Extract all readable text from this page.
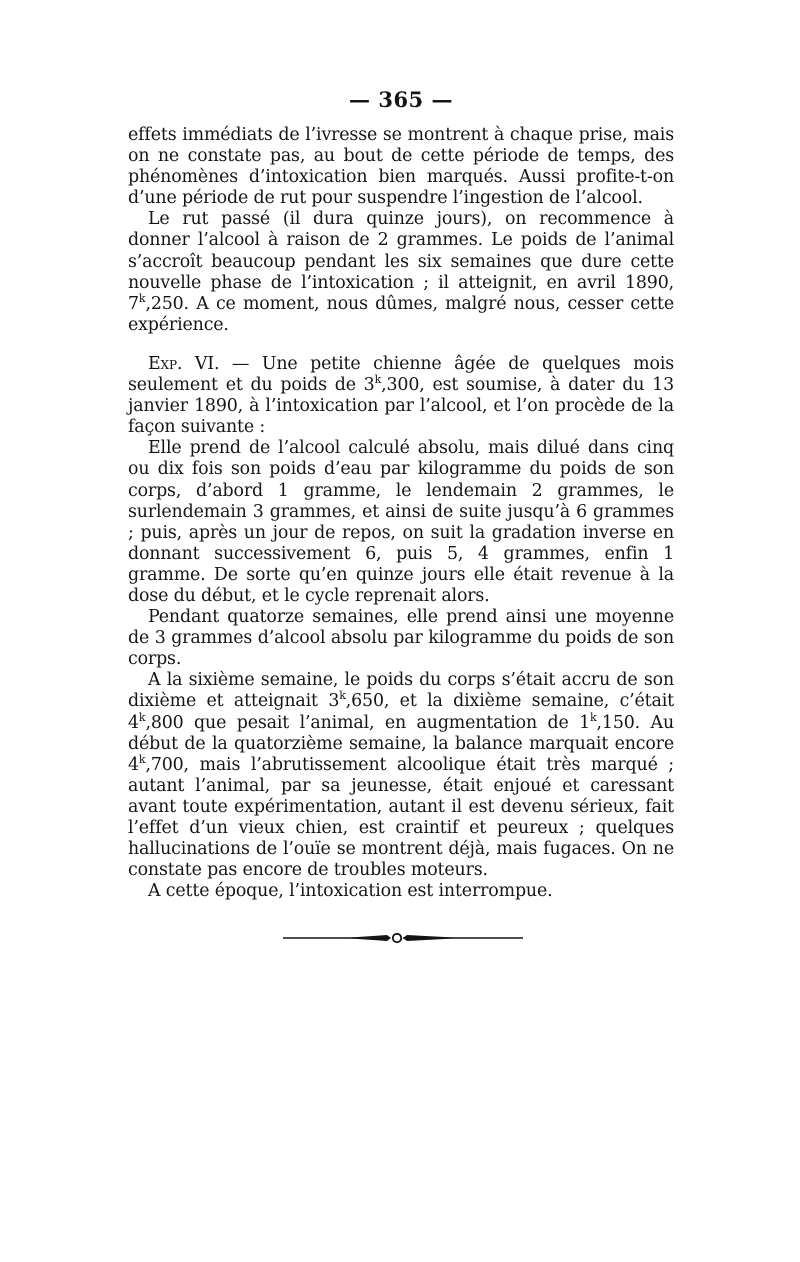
— 365 —

effets immédiats de l’ivresse se montrent à chaque prise, mais on ne constate pas, au bout de cette période de temps, des phénomènes d’intoxication bien marqués. Aussi profite-t-on d’une période de rut pour suspendre l’ingestion de l’alcool.

Le rut passé (il dura quinze jours), on recommence à donner l’alcool à raison de 2 grammes. Le poids de l’animal s’accroît beaucoup pendant les six semaines que dure cette nouvelle phase de l’intoxication ; il atteignit, en avril 1890, 7$^k$,250. A ce moment, nous dûmes, malgré nous, cesser cette expérience.

Exp. VI. — Une petite chienne âgée de quelques mois seulement et du poids de 3$^k$,300, est soumise, à dater du 13 janvier 1890, à l’intoxication par l’alcool, et l’on procède de la façon suivante :

Elle prend de l’alcool calculé absolu, mais dilué dans cinq ou dix fois son poids d’eau par kilogramme du poids de son corps, d’abord 1 gramme, le lendemain 2 grammes, le surlendemain 3 grammes, et ainsi de suite jusqu’à 6 grammes ; puis, après un jour de repos, on suit la gradation inverse en donnant successivement 6, puis 5, 4 grammes, enfin 1 gramme. De sorte qu’en quinze jours elle était revenue à la dose du début, et le cycle reprenait alors.

Pendant quatorze semaines, elle prend ainsi une moyenne de 3 grammes d’alcool absolu par kilogramme du poids de son corps.

A la sixième semaine, le poids du corps s’était accru de son dixième et atteignait 3$^k$,650, et la dixième semaine, c’était 4$^k$,800 que pesait l’animal, en augmentation de 1$^k$,150. Au début de la quatorzième semaine, la balance marquait encore 4$^k$,700, mais l’abrutissement alcoolique était très marqué ; autant l’animal, par sa jeunesse, était enjoué et caressant avant toute expérimentation, autant il est devenu sérieux, fait l’effet d’un vieux chien, est craintif et peureux ; quelques hallucinations de l’ouïe se montrent déjà, mais fugaces. On ne constate pas encore de troubles moteurs.

A cette époque, l’intoxication est interrompue.
